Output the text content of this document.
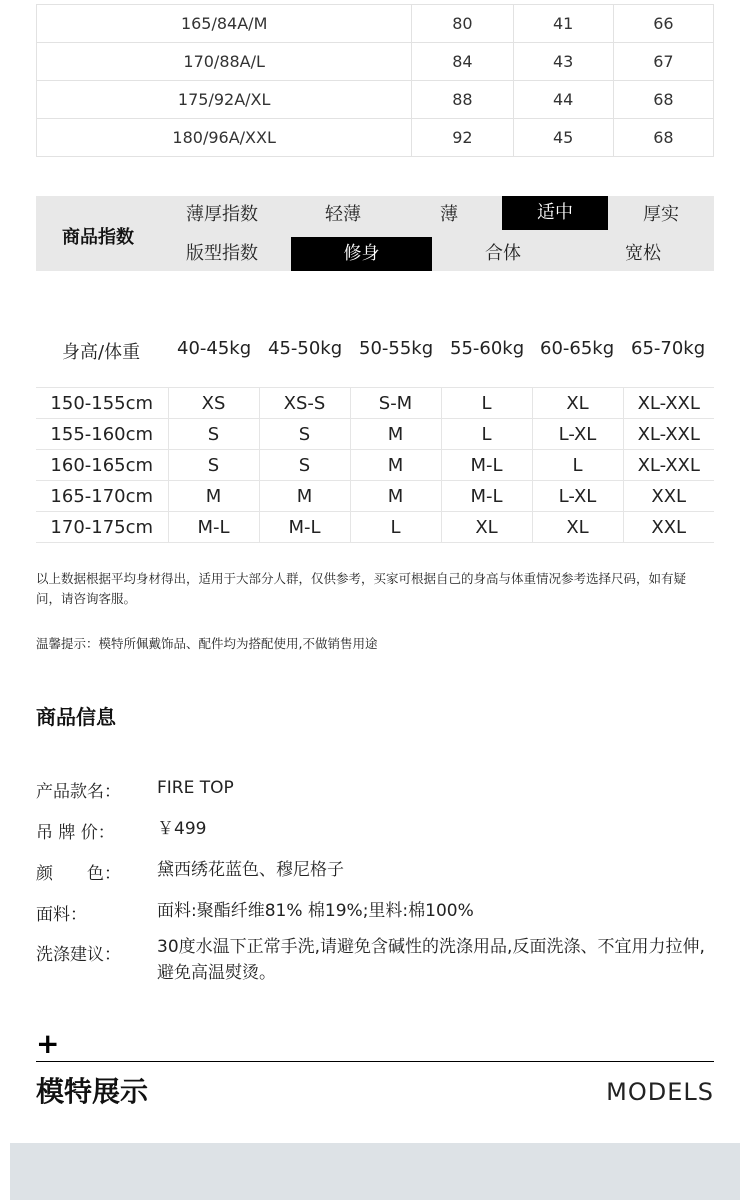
165/84A/M	80	41	66
170/88A/L	84	43	67
175/92A/XL	88	44	68
180/96A/XXL	92	45	68
商品指数
薄厚指数	轻薄	薄	适中	厚实
版型指数	修身	合体	宽松
身高/体重 40-45kg 45-50kg 50-55kg 55-60kg 60-65kg 65-70kg
150-155cm	XS	XS-S	S-M	L	XL	XL-XXL
155-160cm	S	S	M	L	L-XL	XL-XXL
160-165cm	S	S	M	M-L	L	XL-XXL
165-170cm	M	M	M	M-L	L-XL	XXL
170-175cm	M-L	M-L	L	XL	XL	XXL
以上数据根据平均身材得出，适用于大部分人群，仅供参考，买家可根据自己的身高与体重情况参考选择尺码，如有疑问，请咨询客服。
温馨提示：模特所佩戴饰品、配件均为搭配使用,不做销售用途
商品信息
产品款名： FIRE TOP
吊 牌 价： ￥499
颜　　色： 黛西绣花蓝色、穆尼格子
面料：	面料:聚酯纤维81% 棉19%;里料:棉100%
洗涤建议： 30度水温下正常手洗,请避免含碱性的洗涤用品,反面洗涤、不宜用力拉伸,避免高温熨烫。
+
模特展示	MODELS
